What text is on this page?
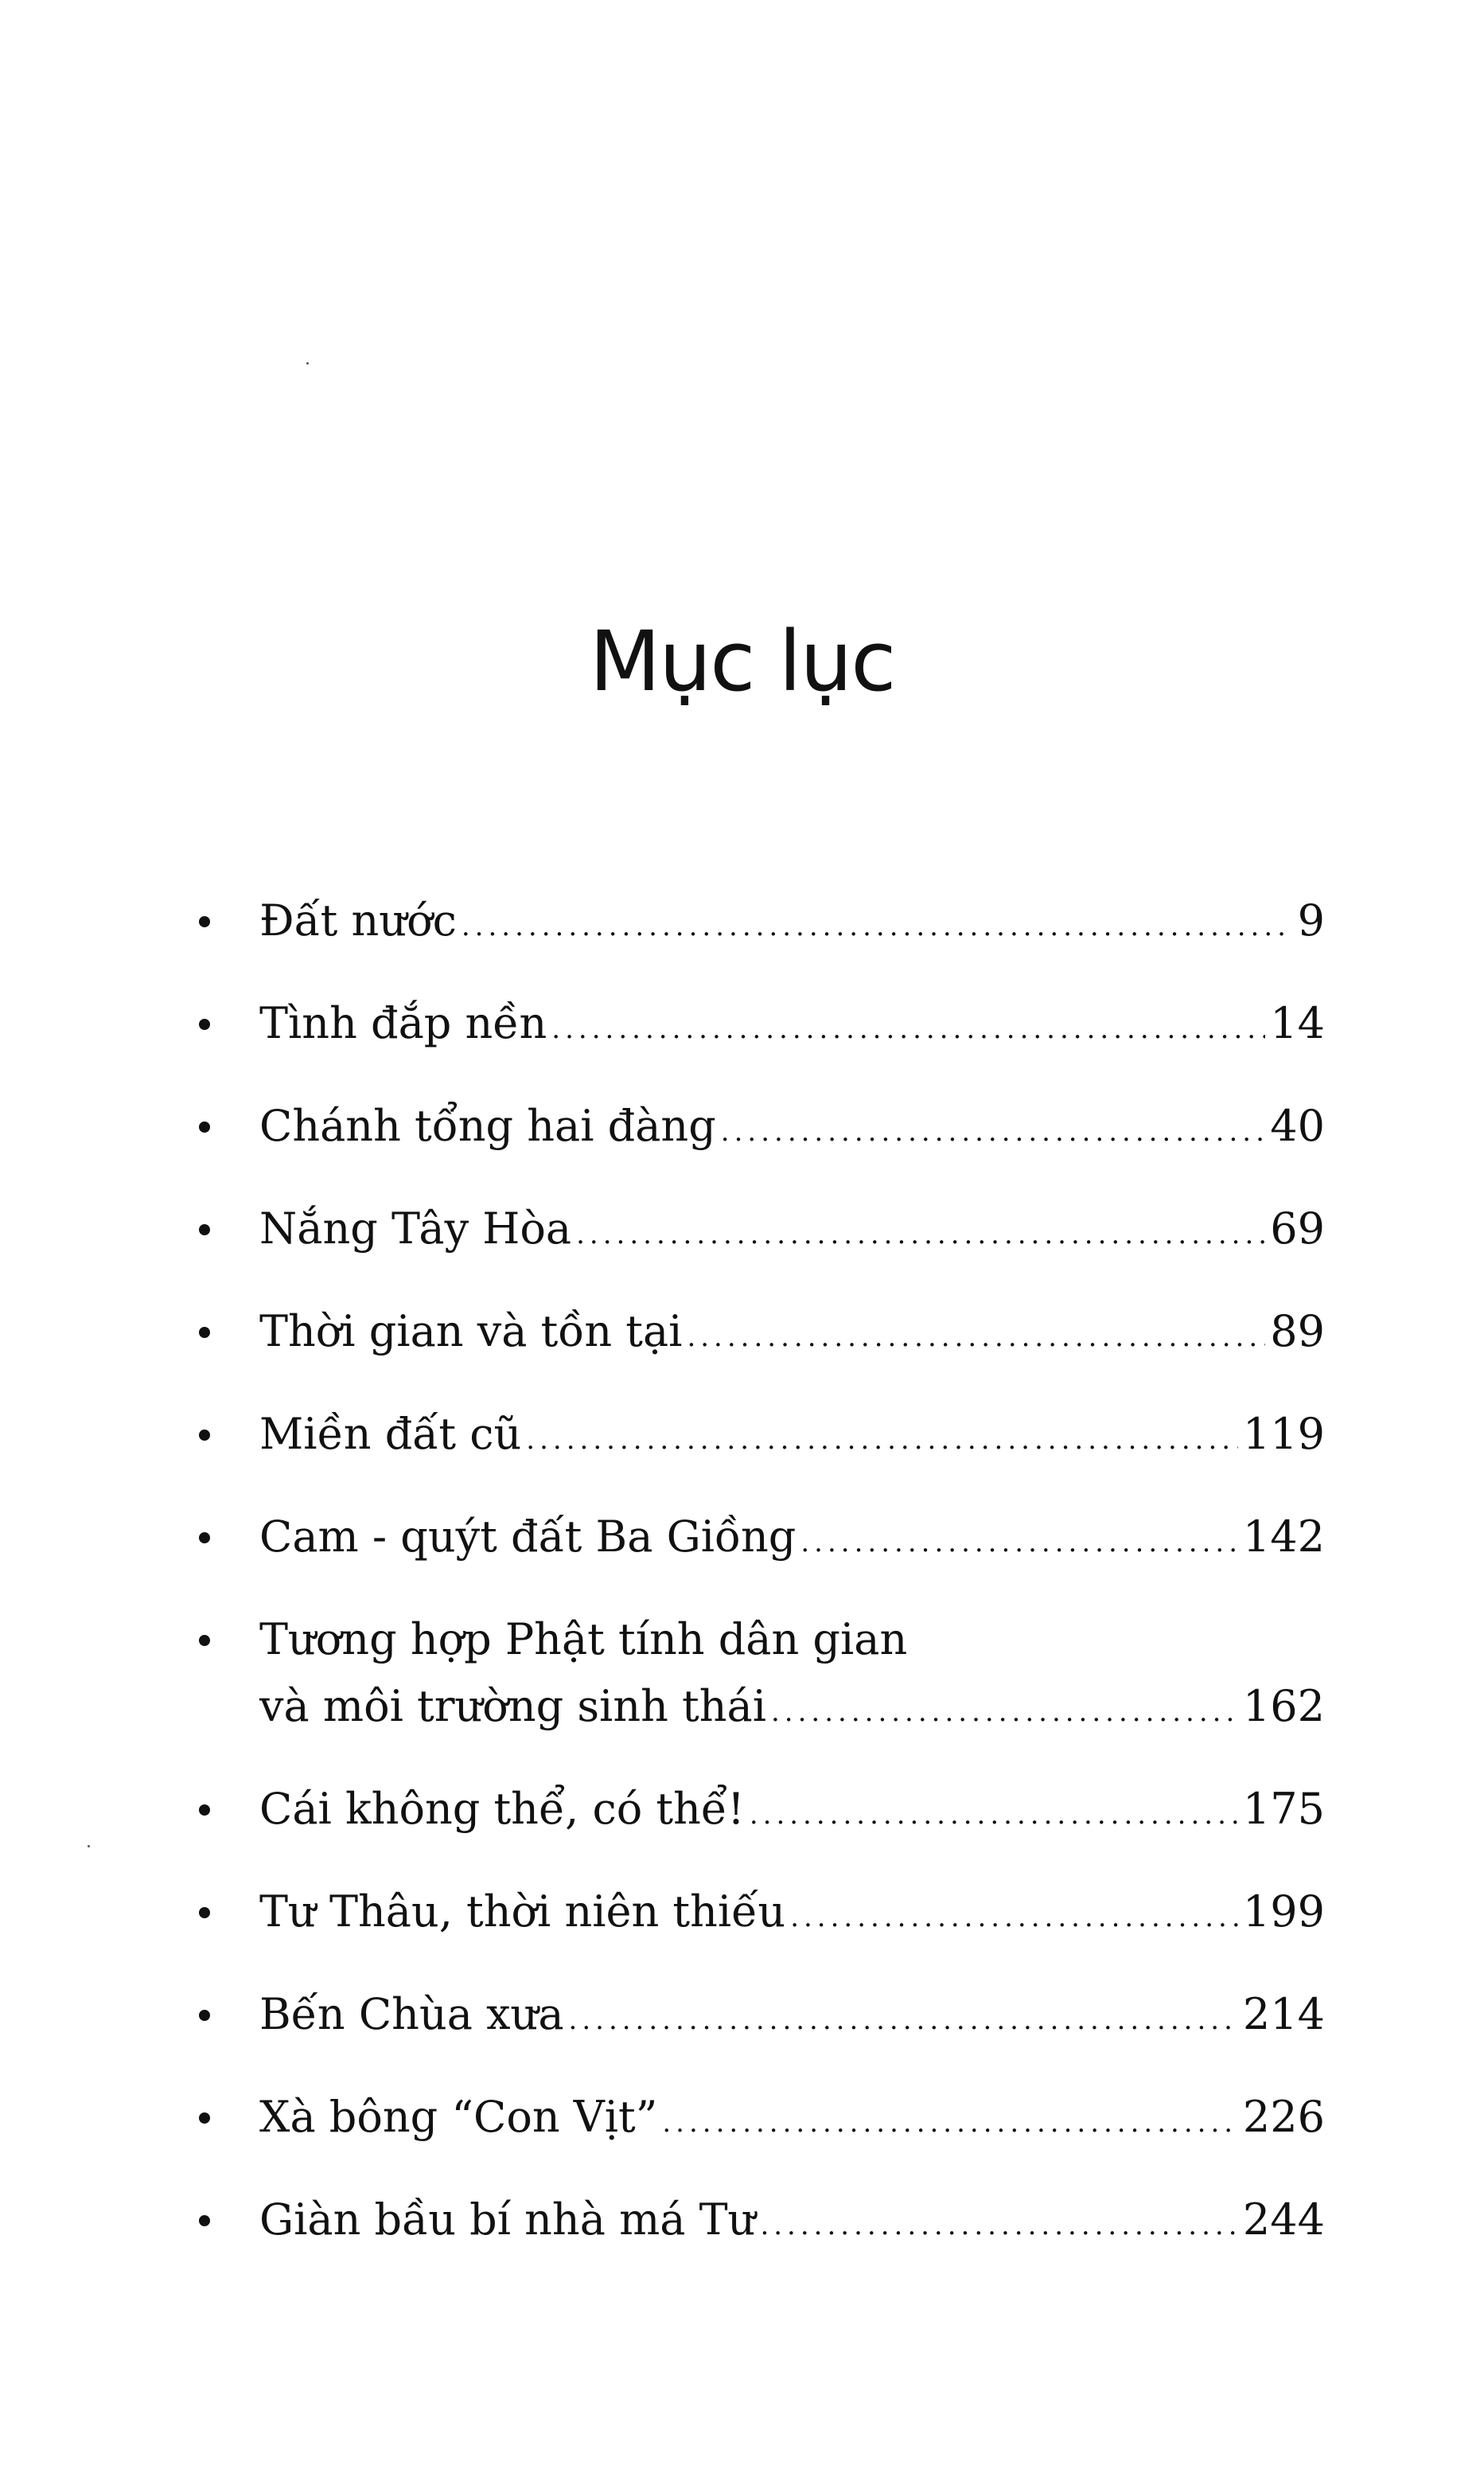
Mục lục
Đất nước .....	9
Tình đắp nền .....	14
Chánh tổng hai đàng .....	40
Nắng Tây Hòa .....	69
Thời gian và tồn tại .....	89
Miền đất cũ .....	119
Cam - quýt đất Ba Giồng .....	142
Tương hợp Phật tính dân gian
và môi trường sinh thái .....	162
Cái không thể, có thể! .....	175
Tư Thâu, thời niên thiếu .....	199
Bến Chùa xưa .....	214
Xà bông “Con Vịt” .....	226
Giàn bầu bí nhà má Tư .....	244
